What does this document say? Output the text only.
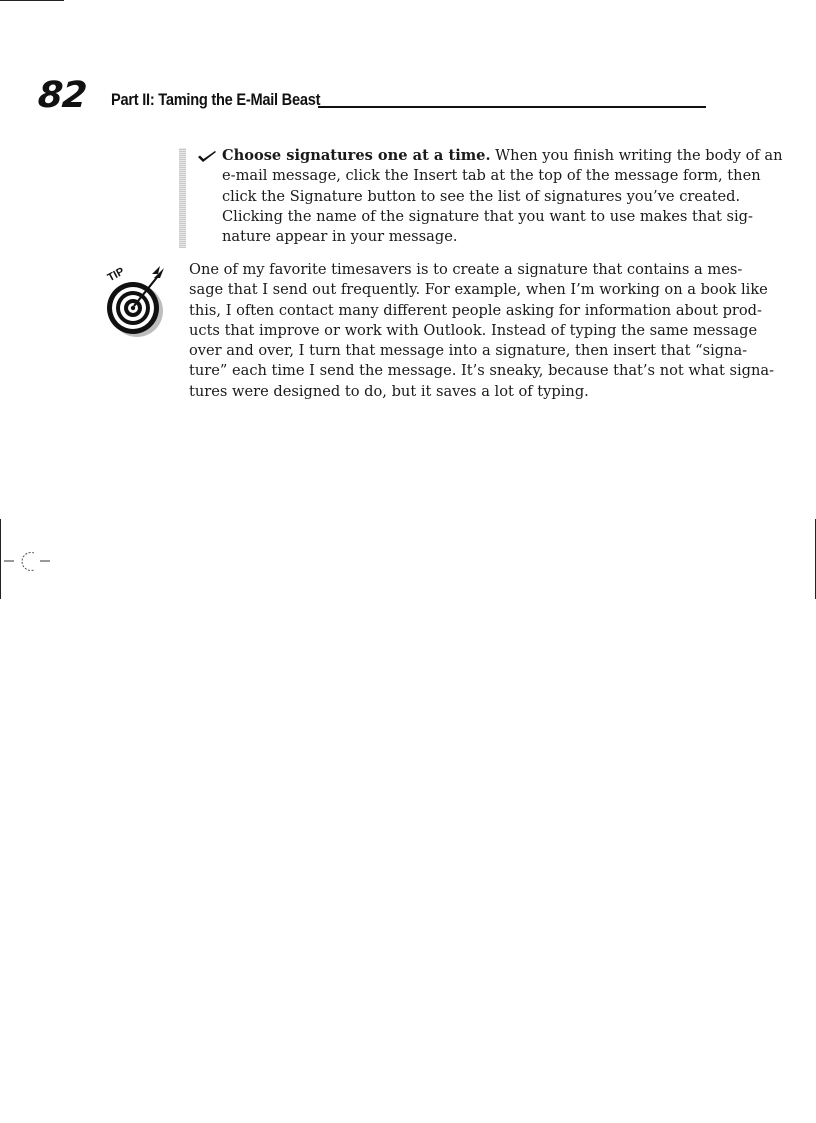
82 Part II: Taming the E-Mail Beast
Choose signatures one at a time. When you finish writing the body of an
e-mail message, click the Insert tab at the top of the message form, then
click the Signature button to see the list of signatures you’ve created.
Clicking the name of the signature that you want to use makes that sig-
nature appear in your message.
TIP	One of my favorite timesavers is to create a signature that contains a mes-
sage that I send out frequently. For example, when I’m working on a book like
this, I often contact many different people asking for information about prod-
ucts that improve or work with Outlook. Instead of typing the same message
over and over, I turn that message into a signature, then insert that “signa-
ture” each time I send the message. It’s sneaky, because that’s not what signa-
tures were designed to do, but it saves a lot of typing.
